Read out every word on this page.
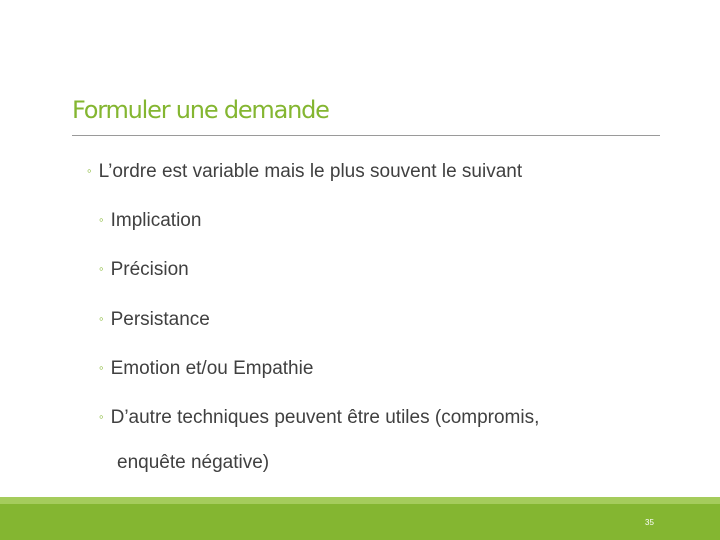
Formuler une demande
◦ L’ordre est variable mais le plus souvent le suivant
◦ Implication
◦ Précision
◦ Persistance
◦ Emotion et/ou Empathie
◦ D’autre techniques peuvent être utiles (compromis,
enquête négative)
35
